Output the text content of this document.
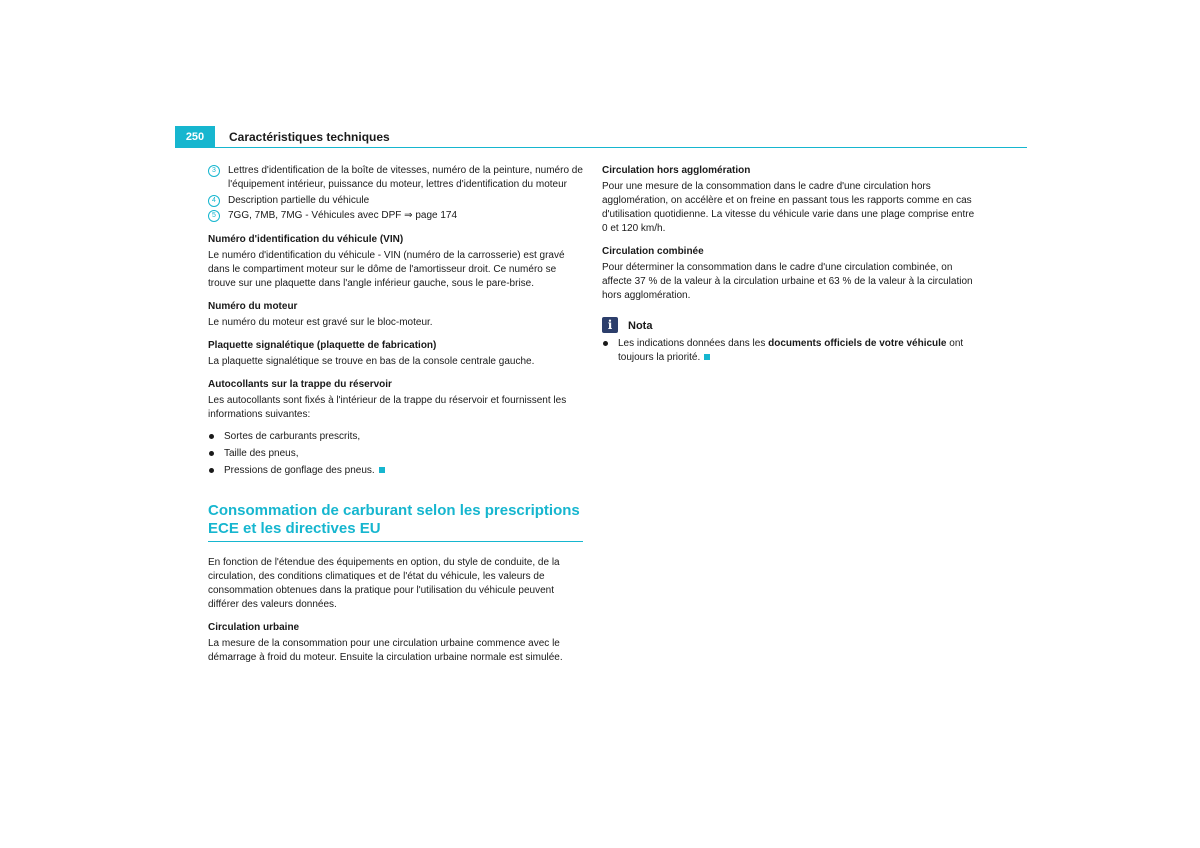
250	Caractéristiques techniques
3	Lettres d'identification de la boîte de vitesses, numéro de la peinture, numéro de l'équipement intérieur, puissance du moteur, lettres d'identification du moteur
4	Description partielle du véhicule
5	7GG, 7MB, 7MG - Véhicules avec DPF ⇒ page 174
Numéro d'identification du véhicule (VIN)

Le numéro d'identification du véhicule - VIN (numéro de la carrosserie) est gravé dans le compartiment moteur sur le dôme de l'amortisseur droit. Ce numéro se trouve sur une plaquette dans l'angle inférieur gauche, sous le pare-brise.

Numéro du moteur

Le numéro du moteur est gravé sur le bloc-moteur.

Plaquette signalétique (plaquette de fabrication)

La plaquette signalétique se trouve en bas de la console centrale gauche.

Autocollants sur la trappe du réservoir

Les autocollants sont fixés à l'intérieur de la trappe du réservoir et fournissent les informations suivantes:

Sortes de carburants prescrits,
Taille des pneus,
Pressions de gonflage des pneus.
Consommation de carburant selon les prescriptions ECE et les directives EU

En fonction de l'étendue des équipements en option, du style de conduite, de la circulation, des conditions climatiques et de l'état du véhicule, les valeurs de consommation obtenues dans la pratique pour l'utilisation du véhicule peuvent différer des valeurs données.

Circulation urbaine

La mesure de la consommation pour une circulation urbaine commence avec le démarrage à froid du moteur. Ensuite la circulation urbaine normale est simulée.

Circulation hors agglomération

Pour une mesure de la consommation dans le cadre d'une circulation hors agglomération, on accélère et on freine en passant tous les rapports comme en cas d'utilisation quotidienne. La vitesse du véhicule varie dans une plage comprise entre 0 et 120 km/h.

Circulation combinée

Pour déterminer la consommation dans le cadre d'une circulation combinée, on affecte 37 % de la valeur à la circulation urbaine et 63 % de la valeur à la circulation hors agglomération.

i	Nota
Les indications données dans les documents officiels de votre véhicule ont toujours la priorité.
